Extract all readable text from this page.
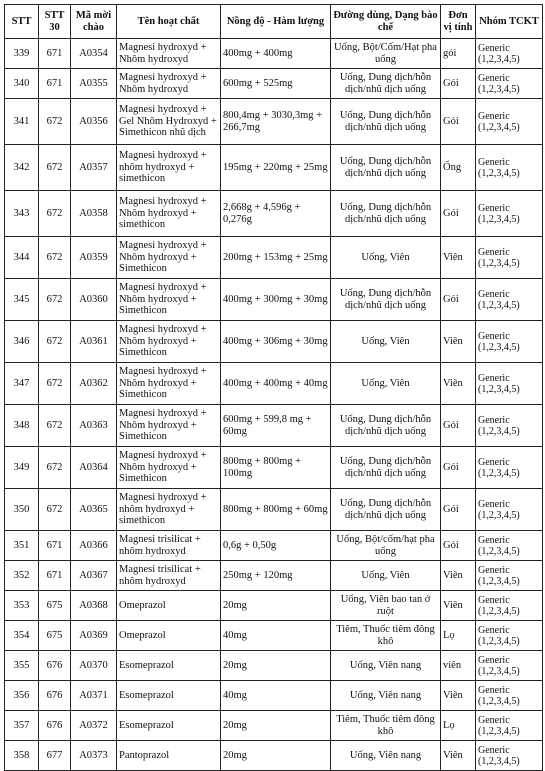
STT	STT 30	Mã mời chào	Tên hoạt chất	Nồng độ - Hàm lượng	Đường dùng, Dạng bào chế	Đơn vị tính	Nhóm TCKT
339	671	A0354	Magnesi hydroxyd + Nhôm hydroxyd	400mg + 400mg	Uống, Bột/Cốm/Hạt pha uống	gói	Generic (1,2,3,4,5)
340	671	A0355	Magnesi hydroxyd + Nhôm hydroxyd	600mg + 525mg	Uống, Dung dịch/hỗn dịch/nhũ dịch uống	Gói	Generic (1,2,3,4,5)
341	672	A0356	Magnesi hydroxyd + Gel Nhôm Hydroxyd + Simethicon nhũ dịch	800,4mg + 3030,3mg + 266,7mg	Uống, Dung dịch/hỗn dịch/nhũ dịch uống	Gói	Generic (1,2,3,4,5)
342	672	A0357	Magnesi hydroxyd + nhôm hydroxyd + simethicon	195mg + 220mg + 25mg	Uống, Dung dịch/hỗn dịch/nhũ dịch uống	Ống	Generic (1,2,3,4,5)
343	672	A0358	Magnesi hydroxyd + Nhôm hydroxyd + simethicon	2,668g + 4,596g + 0,276g	Uống, Dung dịch/hỗn dịch/nhũ dịch uống	Gói	Generic (1,2,3,4,5)
344	672	A0359	Magnesi hydroxyd + Nhôm hydroxyd + Simethicon	200mg + 153mg + 25mg	Uống, Viên	Viên	Generic (1,2,3,4,5)
345	672	A0360	Magnesi hydroxyd + Nhôm hydroxyd + Simethicon	400mg + 300mg + 30mg	Uống, Dung dịch/hỗn dịch/nhũ dịch uống	Gói	Generic (1,2,3,4,5)
346	672	A0361	Magnesi hydroxyd + Nhôm hydroxyd + Simethicon	400mg + 306mg + 30mg	Uống, Viên	Viên	Generic (1,2,3,4,5)
347	672	A0362	Magnesi hydroxyd + Nhôm hydroxyd + Simethicon	400mg + 400mg + 40mg	Uống, Viên	Viên	Generic (1,2,3,4,5)
348	672	A0363	Magnesi hydroxyd + Nhôm hydroxyd + Simethicon	600mg + 599,8 mg + 60mg	Uống, Dung dịch/hỗn dịch/nhũ dịch uống	Gói	Generic (1,2,3,4,5)
349	672	A0364	Magnesi hydroxyd + Nhôm hydroxyd + Simethicon	800mg + 800mg + 100mg	Uống, Dung dịch/hỗn dịch/nhũ dịch uống	Gói	Generic (1,2,3,4,5)
350	672	A0365	Magnesi hydroxyd + nhôm hydroxyd + simethicon	800mg + 800mg + 60mg	Uống, Dung dịch/hỗn dịch/nhũ dịch uống	Gói	Generic (1,2,3,4,5)
351	671	A0366	Magnesi trisilicat + nhôm hydroxyd	0,6g + 0,50g	Uống, Bột/cốm/hạt pha uống	Gói	Generic (1,2,3,4,5)
352	671	A0367	Magnesi trisilicat + nhôm hydroxyd	250mg + 120mg	Uống, Viên	Viên	Generic (1,2,3,4,5)
353	675	A0368	Omeprazol	20mg	Uống, Viên bao tan ở ruột	Viên	Generic (1,2,3,4,5)
354	675	A0369	Omeprazol	40mg	Tiêm, Thuốc tiêm đông khô	Lọ	Generic (1,2,3,4,5)
355	676	A0370	Esomeprazol	20mg	Uống, Viên nang	viên	Generic (1,2,3,4,5)
356	676	A0371	Esomeprazol	40mg	Uống, Viên nang	Viên	Generic (1,2,3,4,5)
357	676	A0372	Esomeprazol	20mg	Tiêm, Thuốc tiêm đông khô	Lọ	Generic (1,2,3,4,5)
358	677	A0373	Pantoprazol	20mg	Uống, Viên nang	Viên	Generic (1,2,3,4,5)
